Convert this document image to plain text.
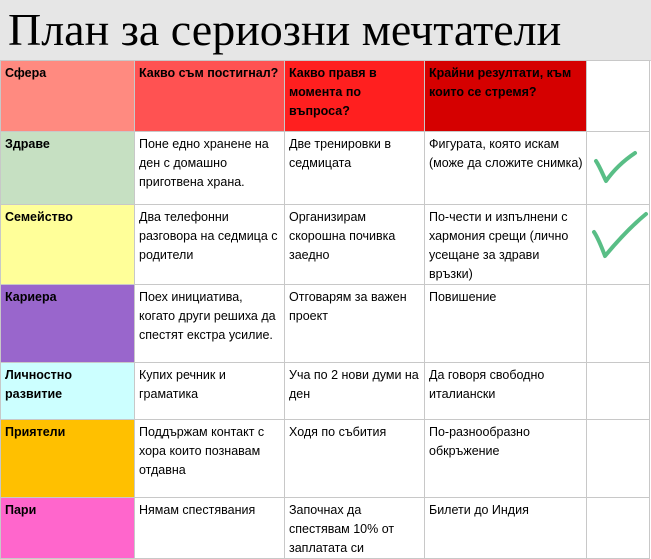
План за сериозни мечтатели
Сфера	Какво съм постигнал?	Какво правя в момента по въпроса?	Крайни резултати, към които се стремя?	
Здраве	Поне едно хранене на ден с домашно приготвена храна.	Две тренировки в седмицата	Фигурата, която искам (може да сложите снимка)	

Семейство	Два телефонни разговора на седмица с родители	Организирам скорошна почивка заедно	По-чести и изпълнени с хармония срещи (лично усещане за здрави връзки)	

Кариера	Поех инициатива, когато други решиха да спестят екстра усилие.	Отговарям за важен проект	Повишение	
Личностно развитие	Купих речник и граматика	Уча по 2 нови думи на ден	Да говоря свободно италиански	
Приятели	Поддържам контакт с хора които познавам отдавна	Ходя по събития	По-разнообразно обкръжение	
Пари	Нямам спестявания	Започнах да спестявам 10% от заплатата си	Билети до Индия	
